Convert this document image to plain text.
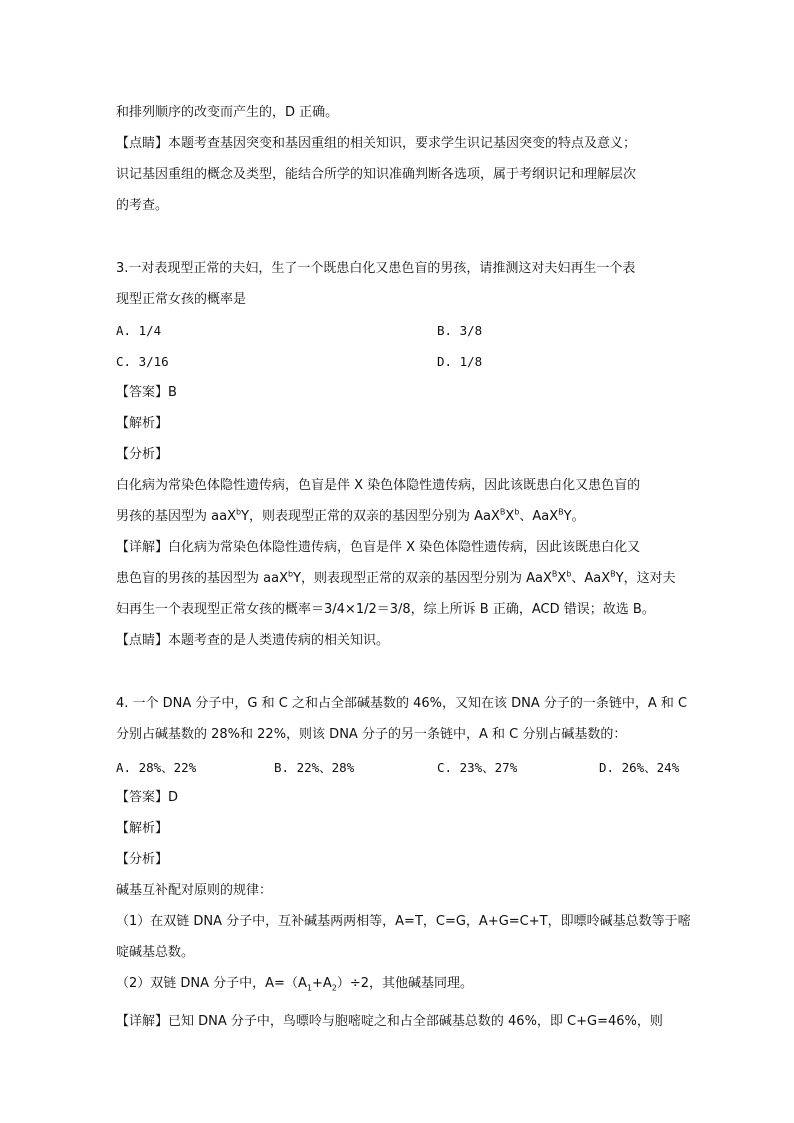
和排列顺序的改变而产生的，D 正确。
【点睛】本题考查基因突变和基因重组的相关知识，要求学生识记基因突变的特点及意义；
识记基因重组的概念及类型，能结合所学的知识准确判断各选项，属于考纲识记和理解层次
的考查。
3.一对表现型正常的夫妇，生了一个既患白化又患色盲的男孩，请推测这对夫妇再生一个表
现型正常女孩的概率是
A. 1/4	B. 3/8
C. 3/16	D. 1/8
【答案】B
【解析】
【分析】
白化病为常染色体隐性遗传病，色盲是伴 X 染色体隐性遗传病，因此该既患白化又患色盲的
男孩的基因型为 aaX$^b$Y，则表现型正常的双亲的基因型分别为 $AaX^BX^b$、AaX$^B$Y。
【详解】白化病为常染色体隐性遗传病，色盲是伴 X 染色体隐性遗传病，因此该既患白化又
患色盲的男孩的基因型为 aaX$^b$Y，则表现型正常的双亲的基因型分别为 $AaX^BX^b$、AaX$^B$Y，这对夫
妇再生一个表现型正常女孩的概率＝3/4×1/2＝3/8，综上所诉 B 正确，ACD 错误；故选 B。
【点睛】本题考查的是人类遗传病的相关知识。
4. 一个 DNA 分子中，G 和 C 之和占全部碱基数的 46%，又知在该 DNA 分子的一条链中，A 和 C
分别占碱基数的 28%和 22%，则该 DNA 分子的另一条链中，A 和 C 分别占碱基数的：
A. 28%、22%	B. 22%、28%	C. 23%、27%	D. 26%、24%
【答案】D
【解析】
【分析】
碱基互补配对原则的规律：
（1）在双链 DNA 分子中，互补碱基两两相等，A=T，C=G，A+G=C+T，即嘌呤碱基总数等于嘧
啶碱基总数。
（2）双链 DNA 分子中，$A=(A_1+A_2)\div 2$，其他碱基同理。
【详解】已知 DNA 分子中，鸟嘌呤与胞嘧啶之和占全部碱基总数的 46%，即 C+G=46%，则
